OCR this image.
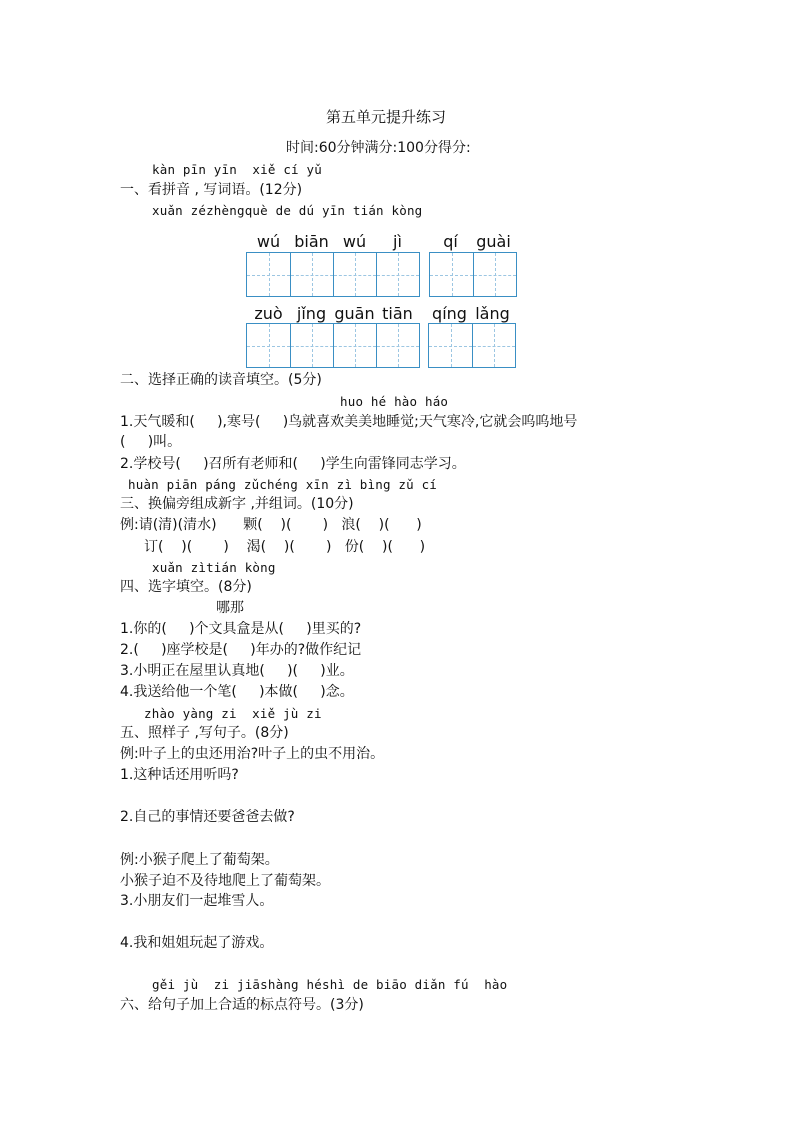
第五单元提升练习
时间:60分钟满分:100分得分:
kàn pīn yīn  xiě cí yǔ
一、看拼音 , 写词语。(12分)
xuǎn zézhèngquè de dú yīn tián kòng
wú biān wú	jì	qí	guài
zuò jǐng guān tiān	qíng lǎng
二、选择正确的读音填空。(5分)
huo hé hào háo
1.天气暖和(     ),寒号(     )鸟就喜欢美美地睡觉;天气寒冷,它就会呜呜地号
(     )叫。
2.学校号(     )召所有老师和(     )学生向雷锋同志学习。
huàn piān páng zǔchéng xīn zì bìng zǔ cí
三、换偏旁组成新字 ,并组词。(10分)
例:请(清)(清水)      颗(    )(       )   浪(    )(      )
订(    )(       )    渴(    )(       )   份(    )(      )
xuǎn zìtián kòng
四、选字填空。(8分)
哪那
1.你的(     )个文具盒是从(     )里买的?
2.(     )座学校是(     )年办的?做作纪记
3.小明正在屋里认真地(     )(     )业。
4.我送给他一个笔(     )本做(     )念。
zhào yàng zi  xiě jù zi
五、照样子 ,写句子。(8分)
例:叶子上的虫还用治?叶子上的虫不用治。
1.这种话还用听吗?
2.自己的事情还要爸爸去做?
例:小猴子爬上了葡萄架。
小猴子迫不及待地爬上了葡萄架。
3.小朋友们一起堆雪人。
4.我和姐姐玩起了游戏。
gěi jù  zi jiāshàng héshì de biāo diǎn fú  hào
六、给句子加上合适的标点符号。(3分)
